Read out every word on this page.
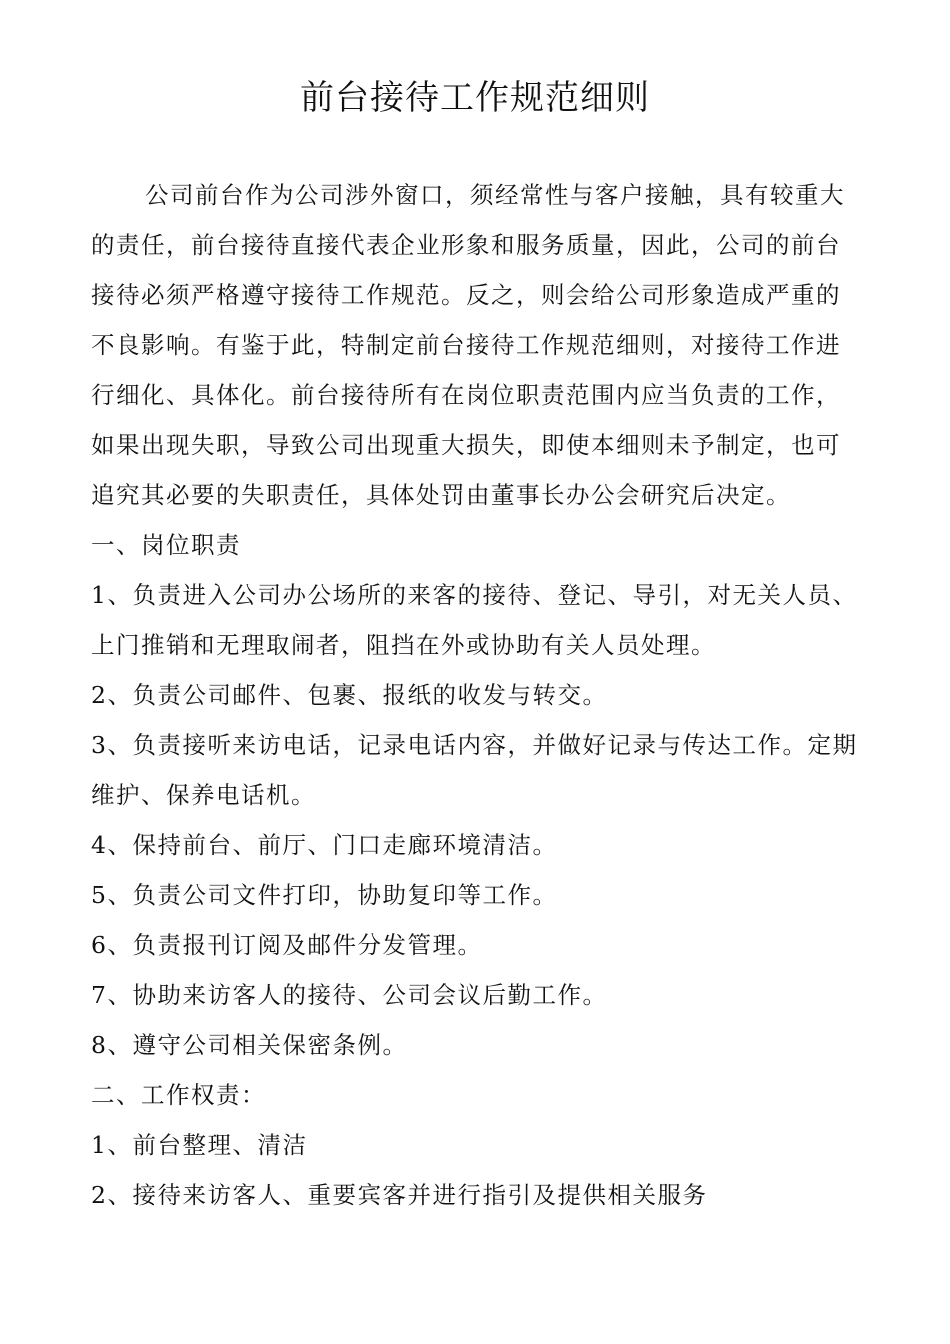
前台接待工作规范细则
公司前台作为公司涉外窗口，须经常性与客户接触，具有较重大
的责任，前台接待直接代表企业形象和服务质量，因此，公司的前台
接待必须严格遵守接待工作规范。反之，则会给公司形象造成严重的
不良影响。有鉴于此，特制定前台接待工作规范细则，对接待工作进
行细化、具体化。前台接待所有在岗位职责范围内应当负责的工作，
如果出现失职，导致公司出现重大损失，即使本细则未予制定，也可
追究其必要的失职责任，具体处罚由董事长办公会研究后决定。
一、岗位职责
1、负责进入公司办公场所的来客的接待、登记、导引，对无关人员、
上门推销和无理取闹者，阻挡在外或协助有关人员处理。
2、负责公司邮件、包裹、报纸的收发与转交。
3、负责接听来访电话，记录电话内容，并做好记录与传达工作。定期
维护、保养电话机。
4、保持前台、前厅、门口走廊环境清洁。
5、负责公司文件打印，协助复印等工作。
6、负责报刊订阅及邮件分发管理。
7、协助来访客人的接待、公司会议后勤工作。
8、遵守公司相关保密条例。
二、工作权责：
1、前台整理、清洁
2、接待来访客人、重要宾客并进行指引及提供相关服务
